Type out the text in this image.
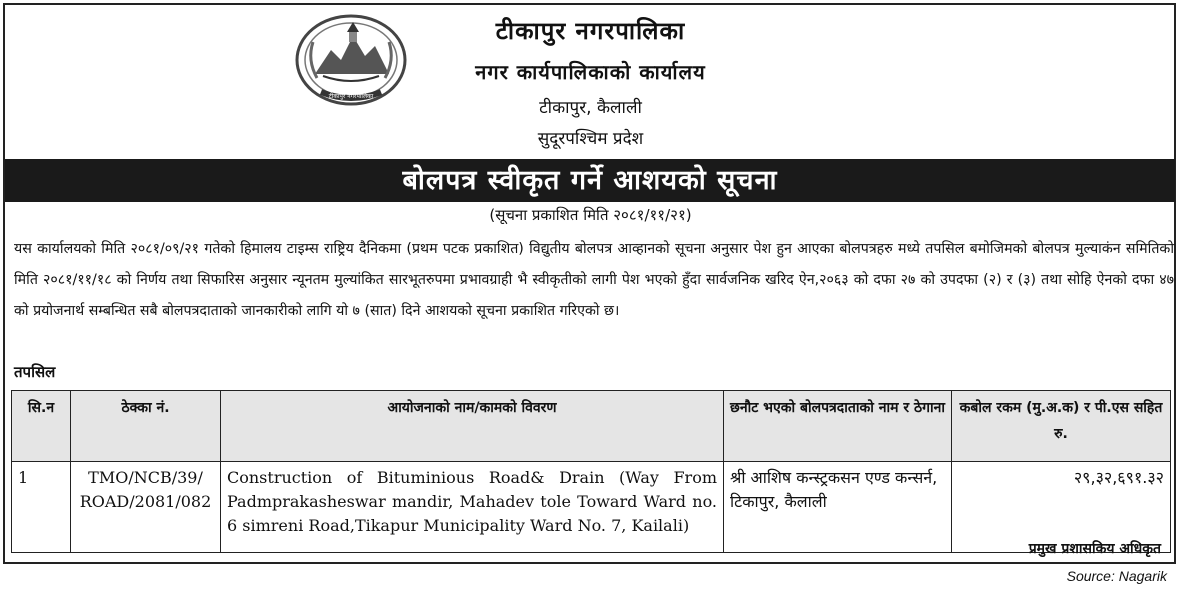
टीकापुर नगरपालिका
टीकापुर नगरपालिका
नगर कार्यपालिकाको कार्यालय
टीकापुर, कैलाली
सुदूरपश्चिम प्रदेश
बोलपत्र स्वीकृत गर्ने आशयको सूचना
(सूचना प्रकाशित मिति २०८१/११/२१)

यस कार्यालयको मिति २०८१/०९/२१ गतेको हिमालय टाइम्स राष्ट्रिय दैनिकमा (प्रथम पटक प्रकाशित) विद्युतीय बोलपत्र आव्हानको सूचना अनुसार पेश हुन आएका बोलपत्रहरु मध्ये तपसिल बमोजिमको बोलपत्र मुल्याकंन समितिको मिति २०८१/११/१८ को निर्णय तथा सिफारिस अनुसार न्यूनतम मुल्यांकित सारभूतरुपमा प्रभावग्राही भै स्वीकृतीको लागी पेश भएको हुँदा सार्वजनिक खरिद ऐन,२०६३ को दफा २७ को उपदफा (२) र (३) तथा सोहि ऐनको दफा ४७ को प्रयोजनार्थ सम्बन्धित सबै बोलपत्रदाताको जानकारीको लागि यो ७ (सात) दिने आशयको सूचना प्रकाशित गरिएको छ।

तपसिल
सि.न	ठेक्का नं.	आयोजनाको नाम/कामको विवरण	छनौट भएको बोलपत्रदाताको नाम र ठेगाना	कबोल रकम (मु.अ.क) र पी.एस सहित रु.
1	TMO/NCB/39/ ROAD/2081/082	Construction of Bituminious Road& Drain (Way From Padmprakasheswar mandir, Mahadev tole Toward Ward no. 6 simreni Road,Tikapur Municipality Ward No. 7, Kailali)	श्री आशिष कन्स्ट्रकसन एण्ड कन्सर्न, टिकापुर, कैलाली	२९,३२,६९१.३२
प्रमुख प्रशासकिय अधिकृत
Source: Nagarik
